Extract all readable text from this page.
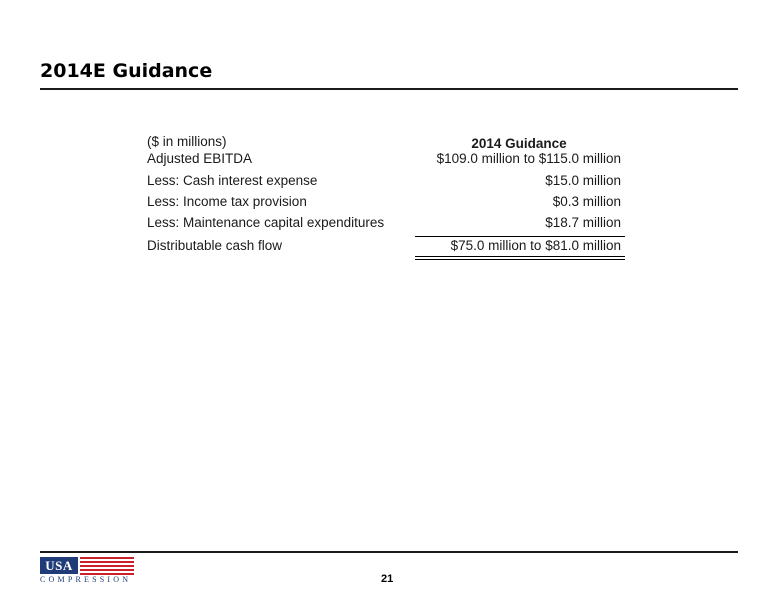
2014E Guidance
($ in millions)	2014 Guidance
Adjusted EBITDA	$109.0 million to $115.0 million
Less: Cash interest expense	$15.0 million
Less: Income tax provision	$0.3 million
Less: Maintenance capital expenditures	$18.7 million
Distributable cash flow	$75.0 million to $81.0 million
USA
COMPRESSION	21
